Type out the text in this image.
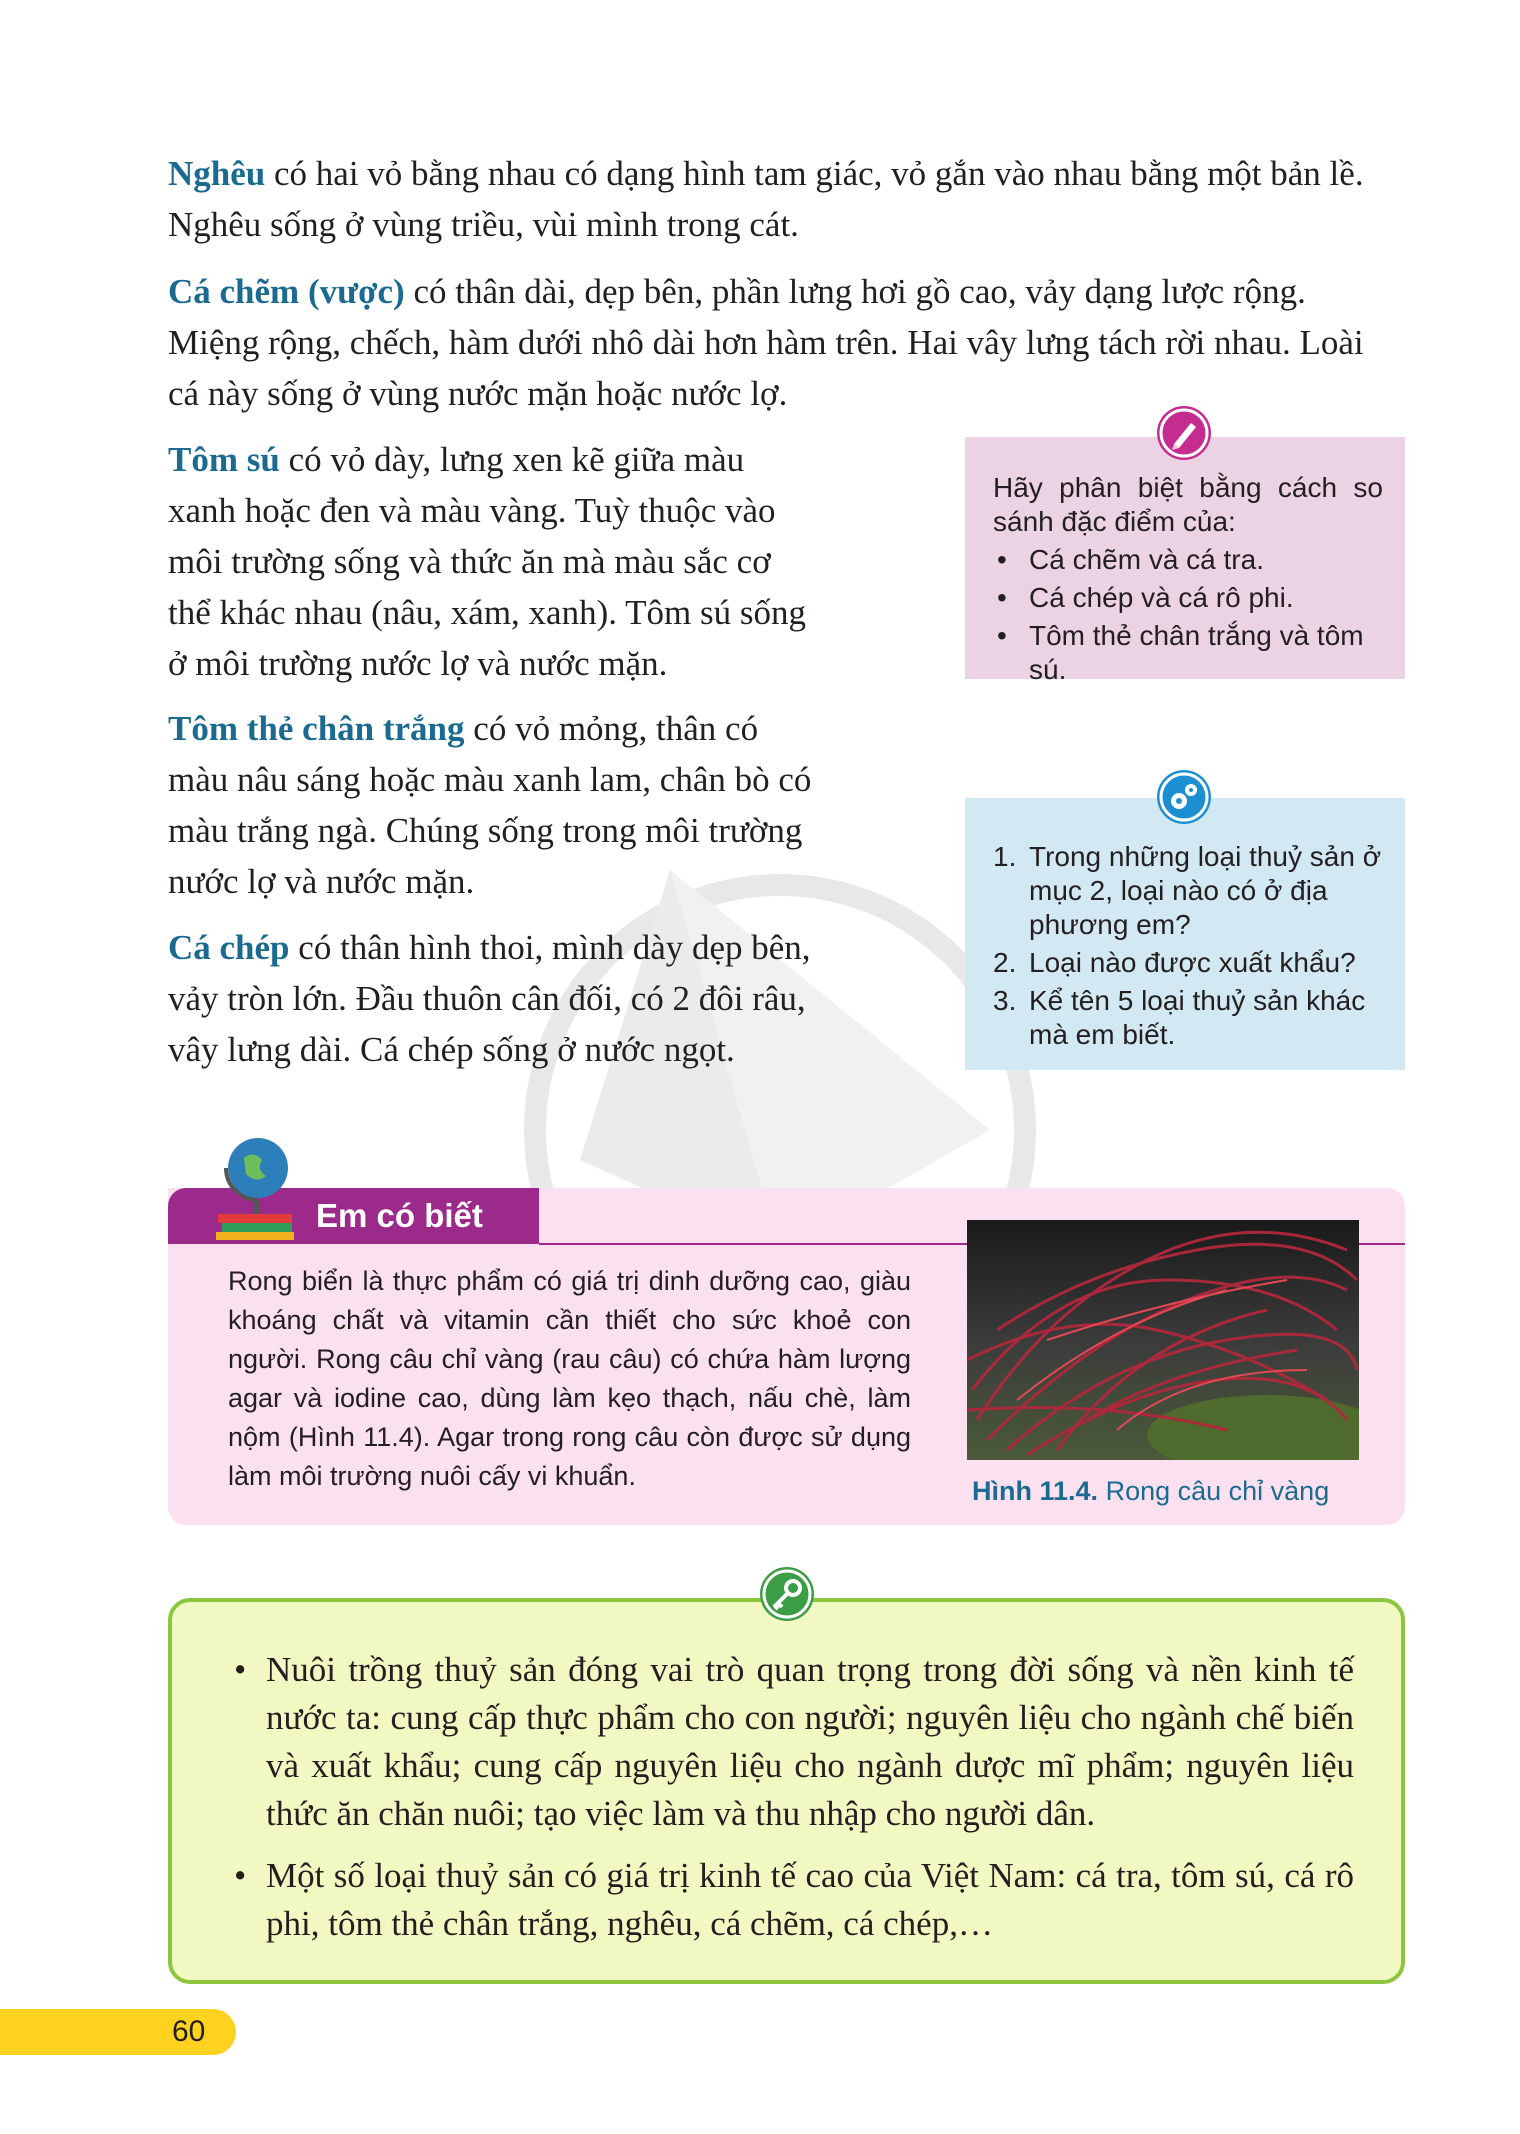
Nghêu có hai vỏ bằng nhau có dạng hình tam giác, vỏ gắn vào nhau bằng một bản lề.
Nghêu sống ở vùng triều, vùi mình trong cát.
Cá chẽm (vược) có thân dài, dẹp bên, phần lưng hơi gồ cao, vảy dạng lược rộng.
Miệng rộng, chếch, hàm dưới nhô dài hơn hàm trên. Hai vây lưng tách rời nhau. Loài
cá này sống ở vùng nước mặn hoặc nước lợ.
Tôm sú có vỏ dày, lưng xen kẽ giữa màu
xanh hoặc đen và màu vàng. Tuỳ thuộc vào
môi trường sống và thức ăn mà màu sắc cơ
thể khác nhau (nâu, xám, xanh). Tôm sú sống
ở môi trường nước lợ và nước mặn.
Tôm thẻ chân trắng có vỏ mỏng, thân có
màu nâu sáng hoặc màu xanh lam, chân bò có
màu trắng ngà. Chúng sống trong môi trường
nước lợ và nước mặn.
Cá chép có thân hình thoi, mình dày dẹp bên,
vảy tròn lớn. Đầu thuôn cân đối, có 2 đôi râu,
vây lưng dài. Cá chép sống ở nước ngọt.
Hãy phân biệt bằng cách so
sánh đặc điểm của:
• Cá chẽm và cá tra.
• Cá chép và cá rô phi.
• Tôm thẻ chân trắng và tôm sú.
1. Trong những loại thuỷ sản ở mục 2, loại nào có ở địa phương em?
2. Loại nào được xuất khẩu?
3. Kể tên 5 loại thuỷ sản khác mà em biết.
Em có biết
Rong biển là thực phẩm có giá trị dinh dưỡng cao, giàu khoáng chất và vitamin cần thiết cho sức khoẻ con người. Rong câu chỉ vàng (rau câu) có chứa hàm lượng agar và iodine cao, dùng làm kẹo thạch, nấu chè, làm nộm (Hình 11.4). Agar trong rong câu còn được sử dụng làm môi trường nuôi cấy vi khuẩn.	Hình 11.4. Rong câu chỉ vàng
• Nuôi trồng thuỷ sản đóng vai trò quan trọng trong đời sống và nền kinh tế nước ta: cung cấp thực phẩm cho con người; nguyên liệu cho ngành chế biến và xuất khẩu; cung cấp nguyên liệu cho ngành dược mĩ phẩm; nguyên liệu thức ăn chăn nuôi; tạo việc làm và thu nhập cho người dân.
• Một số loại thuỷ sản có giá trị kinh tế cao của Việt Nam: cá tra, tôm sú, cá rô phi, tôm thẻ chân trắng, nghêu, cá chẽm, cá chép,…
60
